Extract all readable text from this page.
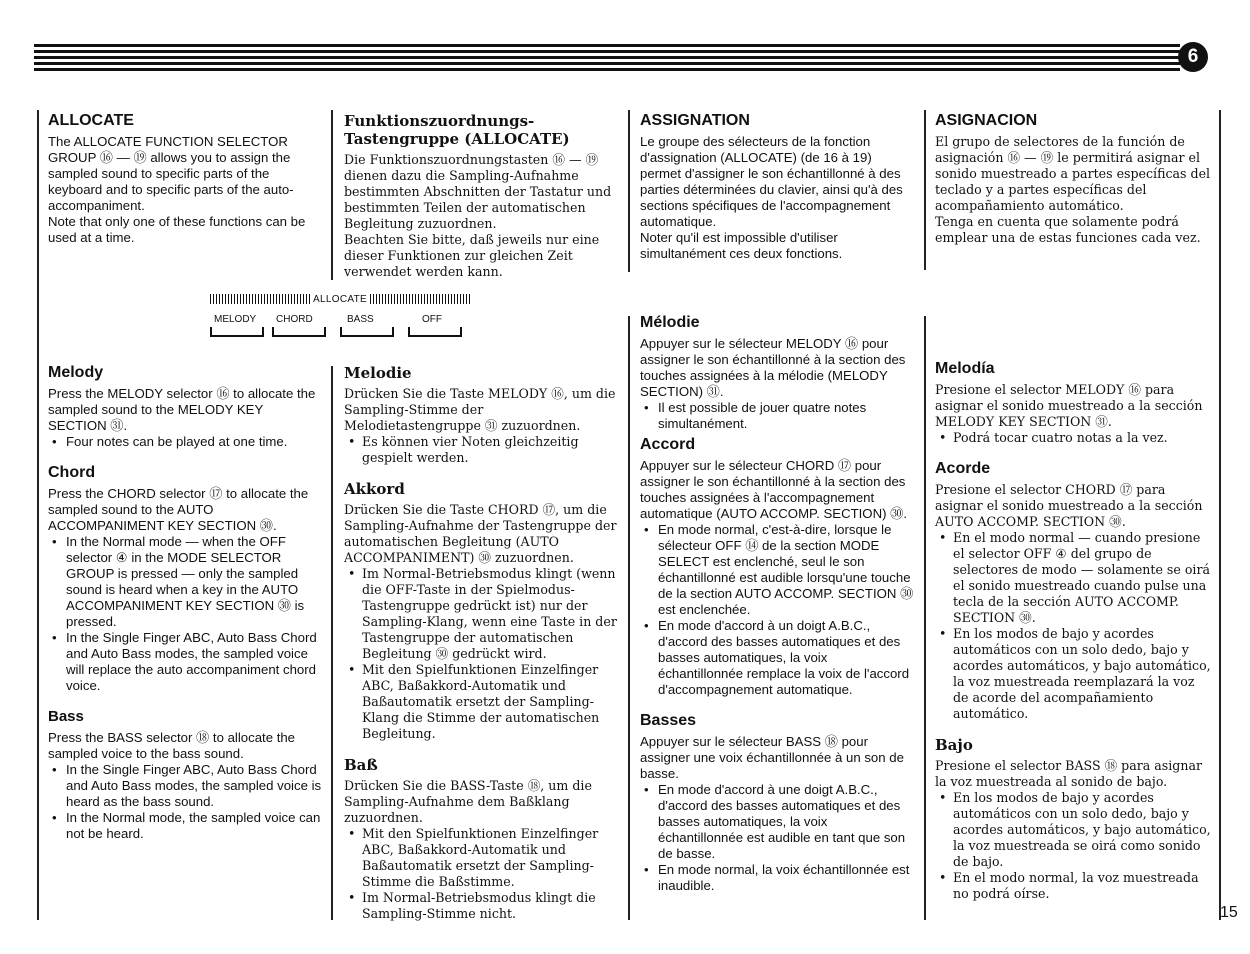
6
ALLOCATE

The ALLOCATE FUNCTION SELECTOR GROUP ⑯ — ⑲ allows you to assign the sampled sound to specific parts of the keyboard and to specific parts of the auto-accompaniment.

Note that only one of these functions can be used at a time.

Funktionszuordnungs-Tastengruppe (ALLOCATE)

Die Funktionszuordnungstasten ⑯ — ⑲ dienen dazu die Sampling-Aufnahme bestimmten Abschnitten der Tastatur und bestimmten Teilen der automatischen Begleitung zuzuordnen.

Beachten Sie bitte, daß jeweils nur eine dieser Funktionen zur gleichen Zeit verwendet werden kann.

ASSIGNATION

Le groupe des sélecteurs de la fonction d'assignation (ALLOCATE) (de 16 à 19) permet d'assigner le son échantillonné à des parties déterminées du clavier, ainsi qu'à des sections spécifiques de l'accompagnement automatique.

Noter qu'il est impossible d'utiliser simultanément ces deux fonctions.

ASIGNACION

El grupo de selectores de la función de asignación ⑯ — ⑲ le permitirá asignar el sonido muestreado a partes específicas del teclado y a partes específicas del acompañamiento automático.

Tenga en cuenta que solamente podrá emplear una de estas funciones cada vez.

ALLOCATE
MELODY CHORD	BASS	OFF
Melody

Press the MELODY selector ⑯ to allocate the sampled sound to the MELODY KEY SECTION ㉛.

• Four notes can be played at one time.
Chord

Press the CHORD selector ⑰ to allocate the sampled sound to the AUTO ACCOMPANIMENT KEY SECTION ㉚.

• In the Normal mode — when the OFF selector ④ in the MODE SELECTOR GROUP is pressed — only the sampled sound is heard when a key in the AUTO ACCOMPANIMENT KEY SECTION ㉚ is pressed.
• In the Single Finger ABC, Auto Bass Chord and Auto Bass modes, the sampled voice will replace the auto accompaniment chord voice.
Bass

Press the BASS selector ⑱ to allocate the sampled voice to the bass sound.

• In the Single Finger ABC, Auto Bass Chord and Auto Bass modes, the sampled voice is heard as the bass sound.
• In the Normal mode, the sampled voice can not be heard.
Melodie

Drücken Sie die Taste MELODY ⑯, um die Sampling-Stimme der Melodietastengruppe ㉛ zuzuordnen.

• Es können vier Noten gleichzeitig gespielt werden.
Akkord

Drücken Sie die Taste CHORD ⑰, um die Sampling-Aufnahme der Tastengruppe der automatischen Begleitung (AUTO ACCOMPANIMENT) ㉚ zuzuordnen.

• Im Normal-Betriebsmodus klingt (wenn die OFF-Taste in der Spielmodus-Tastengruppe gedrückt ist) nur der Sampling-Klang, wenn eine Taste in der Tastengruppe der automatischen Begleitung ㉚ gedrückt wird.
• Mit den Spielfunktionen Einzelfinger ABC, Baßakkord-Automatik und Baßautomatik ersetzt der Sampling-Klang die Stimme der automatischen Begleitung.
Baß

Drücken Sie die BASS-Taste ⑱, um die Sampling-Aufnahme dem Baßklang zuzuordnen.

• Mit den Spielfunktionen Einzelfinger ABC, Baßakkord-Automatik und Baßautomatik ersetzt der Sampling-Stimme die Baßstimme.
• Im Normal-Betriebsmodus klingt die Sampling-Stimme nicht.
Mélodie

Appuyer sur le sélecteur MELODY ⑯ pour assigner le son échantillonné à la section des touches assignées à la mélodie (MELODY SECTION) ㉛.

• Il est possible de jouer quatre notes simultanément.
Accord

Appuyer sur le sélecteur CHORD ⑰ pour assigner le son échantillonné à la section des touches assignées à l'accompagnement automatique (AUTO ACCOMP. SECTION) ㉚.

• En mode normal, c'est-à-dire, lorsque le sélecteur OFF ⑭ de la section MODE SELECT est enclenché, seul le son échantillonné est audible lorsqu'une touche de la section AUTO ACCOMP. SECTION ㉚ est enclenchée.
• En mode d'accord à un doigt A.B.C., d'accord des basses automatiques et des basses automatiques, la voix échantillonnée remplace la voix de l'accord d'accompagnement automatique.
Basses

Appuyer sur le sélecteur BASS ⑱ pour assigner une voix échantillonnée à un son de basse.

• En mode d'accord à une doigt A.B.C., d'accord des basses automatiques et des basses automatiques, la voix échantillonnée est audible en tant que son de basse.
• En mode normal, la voix échantillonnée est inaudible.
Melodía

Presione el selector MELODY ⑯ para asignar el sonido muestreado a la sección MELODY KEY SECTION ㉛.

• Podrá tocar cuatro notas a la vez.
Acorde

Presione el selector CHORD ⑰ para asignar el sonido muestreado a la sección AUTO ACCOMP. SECTION ㉚.

• En el modo normal — cuando presione el selector OFF ④ del grupo de selectores de modo — solamente se oirá el sonido muestreado cuando pulse una tecla de la sección AUTO ACCOMP. SECTION ㉚.
• En los modos de bajo y acordes automáticos con un solo dedo, bajo y acordes automáticos, y bajo automático, la voz muestreada reemplazará la voz de acorde del acompañamiento automático.
Bajo

Presione el selector BASS ⑱ para asignar la voz muestreada al sonido de bajo.

• En los modos de bajo y acordes automáticos con un solo dedo, bajo y acordes automáticos, y bajo automático, la voz muestreada se oirá como sonido de bajo.
• En el modo normal, la voz muestreada no podrá oírse.
15
